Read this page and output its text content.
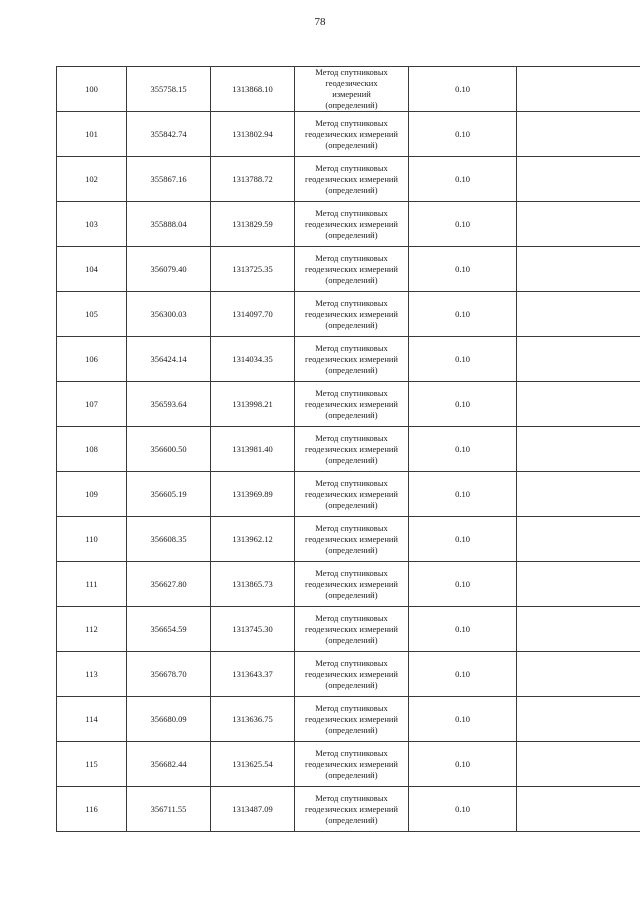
78
100	355758.15	1313868.10	Метод спутниковых
геодезических
измерений
(определений)	0.10	
101	355842.74	1313802.94	Метод спутниковых
геодезических измерений
(определений)	0.10	
102	355867.16	1313788.72	Метод спутниковых
геодезических измерений
(определений)	0.10	
103	355888.04	1313829.59	Метод спутниковых
геодезических измерений
(определений)	0.10	
104	356079.40	1313725.35	Метод спутниковых
геодезических измерений
(определений)	0.10	
105	356300.03	1314097.70	Метод спутниковых
геодезических измерений
(определений)	0.10	
106	356424.14	1314034.35	Метод спутниковых
геодезических измерений
(определений)	0.10	
107	356593.64	1313998.21	Метод спутниковых
геодезических измерений
(определений)	0.10	
108	356600.50	1313981.40	Метод спутниковых
геодезических измерений
(определений)	0.10	
109	356605.19	1313969.89	Метод спутниковых
геодезических измерений
(определений)	0.10	
110	356608.35	1313962.12	Метод спутниковых
геодезических измерений
(определений)	0.10	
111	356627.80	1313865.73	Метод спутниковых
геодезических измерений
(определений)	0.10	
112	356654.59	1313745.30	Метод спутниковых
геодезических измерений
(определений)	0.10	
113	356678.70	1313643.37	Метод спутниковых
геодезических измерений
(определений)	0.10	
114	356680.09	1313636.75	Метод спутниковых
геодезических измерений
(определений)	0.10	
115	356682.44	1313625.54	Метод спутниковых
геодезических измерений
(определений)	0.10	
116	356711.55	1313487.09	Метод спутниковых
геодезических измерений
(определений)	0.10	
